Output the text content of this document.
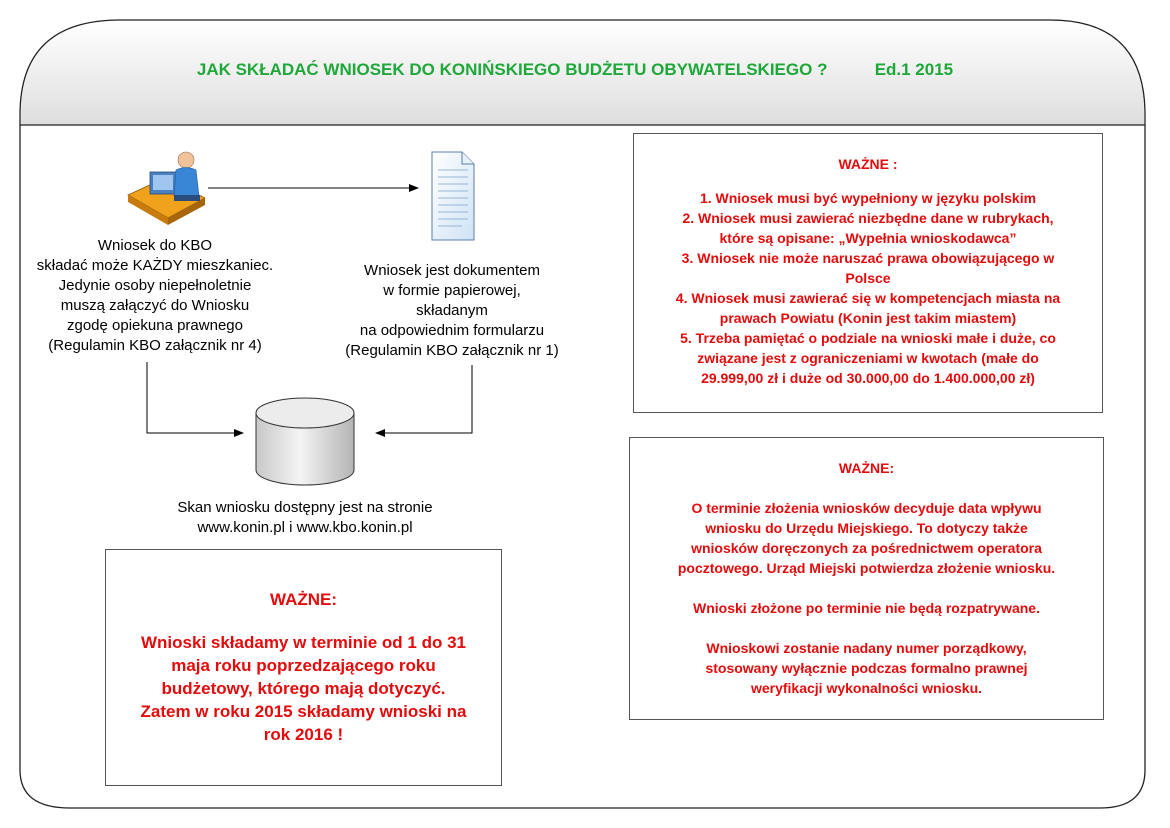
JAK SKŁADAĆ WNIOSEK DO KONIŃSKIEGO BUDŻETU OBYWATELSKIEGO ?	Ed.1 2015
Wniosek do KBO
składać może KAŻDY mieszkaniec.
Jedynie osoby niepełnoletnie
muszą załączyć do Wniosku
zgodę opiekuna prawnego
(Regulamin KBO załącznik nr 4)
Wniosek jest dokumentem
w formie papierowej,
składanym
na odpowiednim formularzu
(Regulamin KBO załącznik nr 1)
Skan wniosku dostępny jest na stronie
www.konin.pl i www.kbo.konin.pl
WAŻNE :
1. Wniosek musi być wypełniony w języku polskim
2. Wniosek musi zawierać niezbędne dane w rubrykach,
które są opisane: „Wypełnia wnioskodawca”
3. Wniosek nie może naruszać prawa obowiązującego w
Polsce
4. Wniosek musi zawierać się w kompetencjach miasta na
prawach Powiatu (Konin jest takim miastem)
5. Trzeba pamiętać o podziale na wnioski małe i duże, co
związane jest z ograniczeniami w kwotach (małe do
29.999,00 zł i duże od 30.000,00 do 1.400.000,00 zł)
WAŻNE:
O terminie złożenia wniosków decyduje data wpływu
wniosku do Urzędu Miejskiego. To dotyczy także
wniosków doręczonych za pośrednictwem operatora
pocztowego. Urząd Miejski potwierdza złożenie wniosku.
Wnioski złożone po terminie nie będą rozpatrywane.
Wnioskowi zostanie nadany numer porządkowy,
stosowany wyłącznie podczas formalno prawnej
weryfikacji wykonalności wniosku.
WAŻNE:
Wnioski składamy w terminie od 1 do 31
maja roku poprzedzającego roku
budżetowy, którego mają dotyczyć.
Zatem w roku 2015 składamy wnioski na
rok 2016 !
